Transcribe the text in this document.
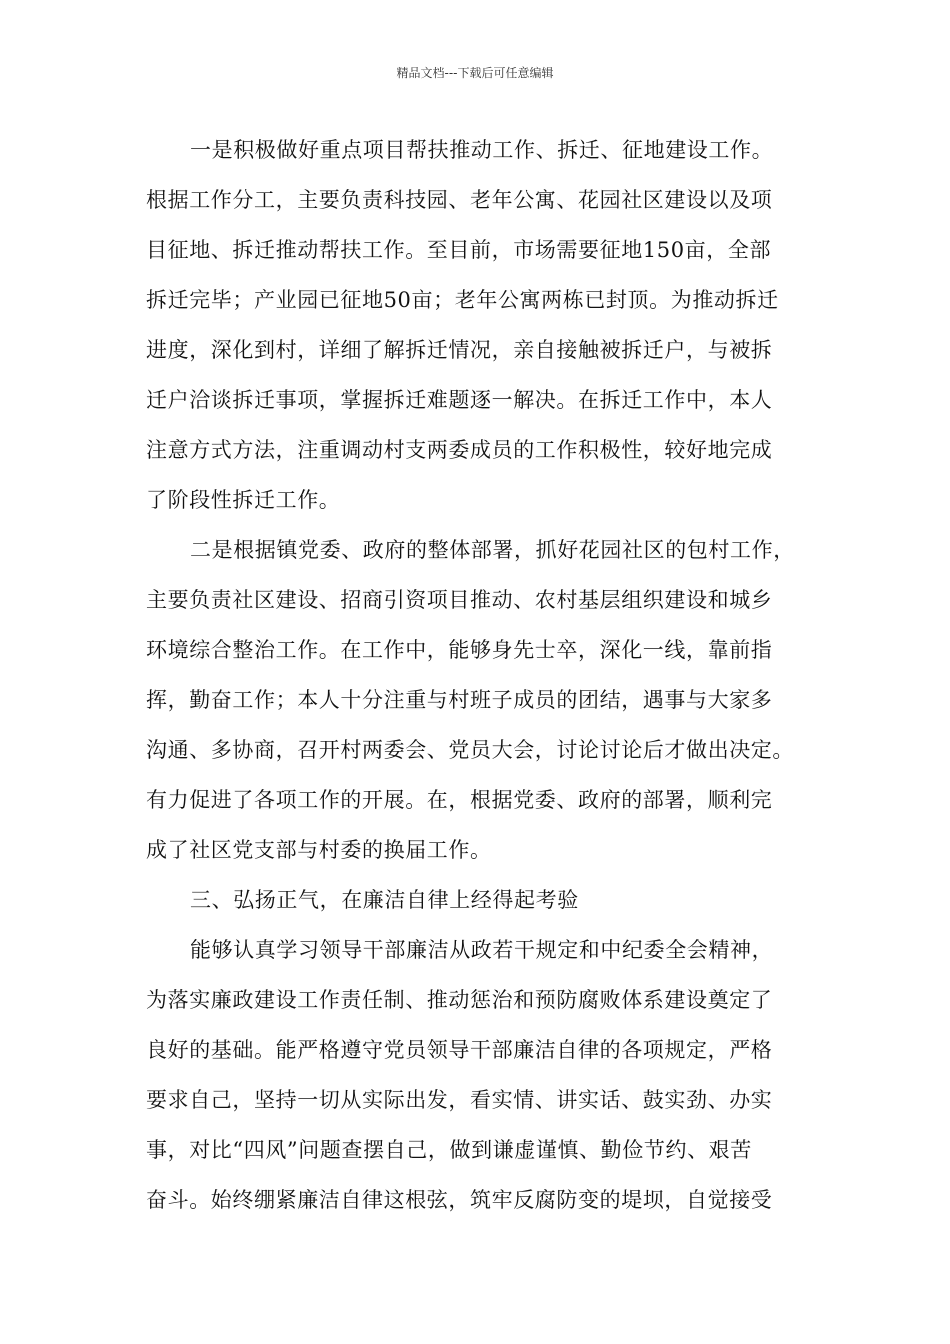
精品文档---下载后可任意编辑
一是积极做好重点项目帮扶推动工作、拆迁、征地建设工作。
根据工作分工，主要负责科技园、老年公寓、花园社区建设以及项
目征地、拆迁推动帮扶工作。至目前，市场需要征地150亩，全部
拆迁完毕；产业园已征地50亩；老年公寓两栋已封顶。为推动拆迁
进度，深化到村，详细了解拆迁情况，亲自接触被拆迁户，与被拆
迁户洽谈拆迁事项，掌握拆迁难题逐一解决。在拆迁工作中，本人
注意方式方法，注重调动村支两委成员的工作积极性，较好地完成
了阶段性拆迁工作。
二是根据镇党委、政府的整体部署，抓好花园社区的包村工作，
主要负责社区建设、招商引资项目推动、农村基层组织建设和城乡
环境综合整治工作。在工作中，能够身先士卒，深化一线，靠前指
挥，勤奋工作；本人十分注重与村班子成员的团结，遇事与大家多
沟通、多协商，召开村两委会、党员大会，讨论讨论后才做出决定。
有力促进了各项工作的开展。在，根据党委、政府的部署，顺利完
成了社区党支部与村委的换届工作。
三、弘扬正气，在廉洁自律上经得起考验
能够认真学习领导干部廉洁从政若干规定和中纪委全会精神，
为落实廉政建设工作责任制、推动惩治和预防腐败体系建设奠定了
良好的基础。能严格遵守党员领导干部廉洁自律的各项规定，严格
要求自己，坚持一切从实际出发，看实情、讲实话、鼓实劲、办实
事，对比“四风”问题查摆自己，做到谦虚谨慎、勤俭节约、艰苦
奋斗。始终绷紧廉洁自律这根弦，筑牢反腐防变的堤坝，自觉接受
